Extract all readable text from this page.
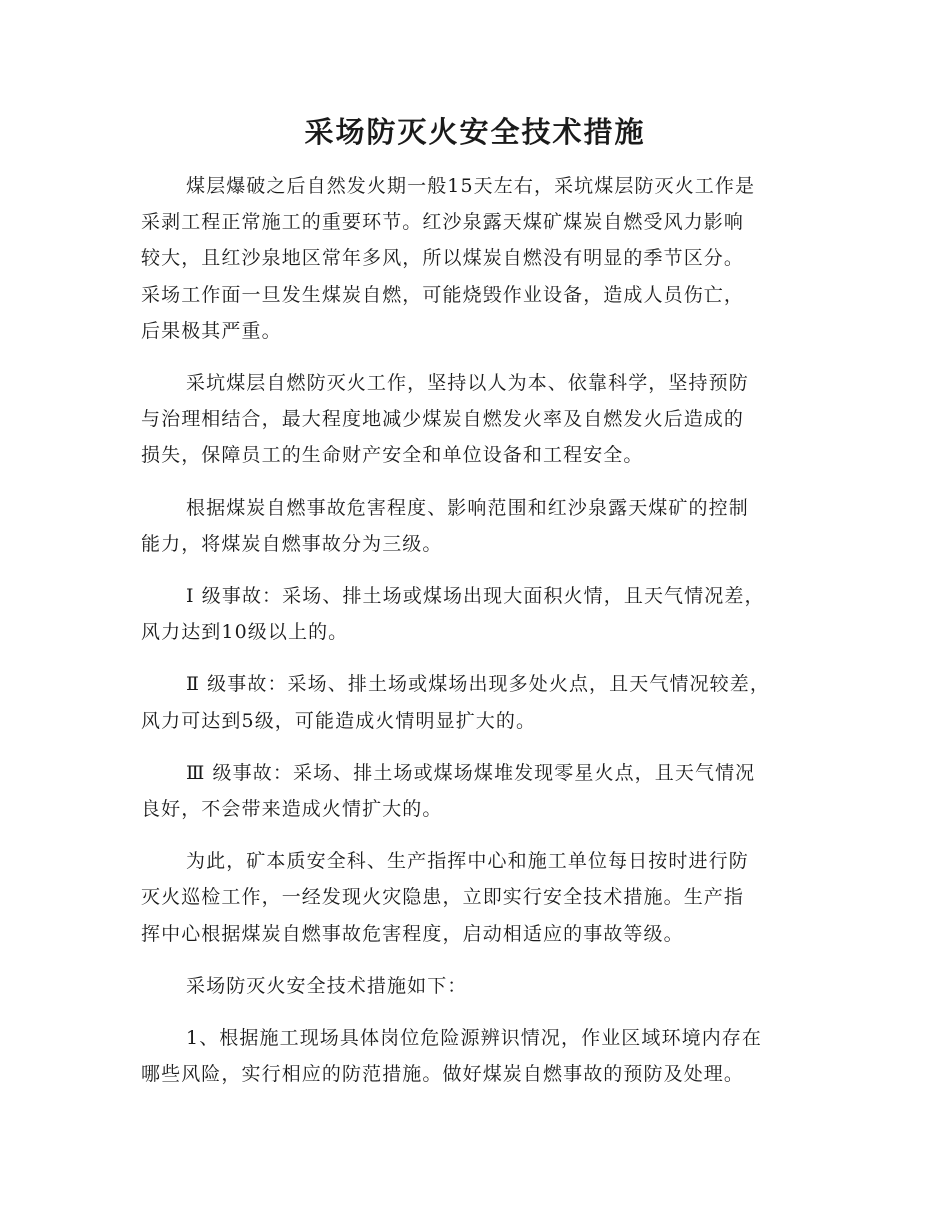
采场防灭火安全技术措施

煤层爆破之后自然发火期一般15天左右，采坑煤层防灭火工作是
采剥工程正常施工的重要环节。红沙泉露天煤矿煤炭自燃受风力影响
较大，且红沙泉地区常年多风，所以煤炭自燃没有明显的季节区分。
采场工作面一旦发生煤炭自燃，可能烧毁作业设备，造成人员伤亡，
后果极其严重。

采坑煤层自燃防灭火工作，坚持以人为本、依靠科学，坚持预防
与治理相结合，最大程度地减少煤炭自燃发火率及自燃发火后造成的
损失，保障员工的生命财产安全和单位设备和工程安全。

根据煤炭自燃事故危害程度、影响范围和红沙泉露天煤矿的控制
能力，将煤炭自燃事故分为三级。

Ⅰ 级事故：采场、排土场或煤场出现大面积火情，且天气情况差，
风力达到10级以上的。

Ⅱ 级事故：采场、排土场或煤场出现多处火点，且天气情况较差，
风力可达到5级，可能造成火情明显扩大的。

Ⅲ 级事故：采场、排土场或煤场煤堆发现零星火点，且天气情况
良好，不会带来造成火情扩大的。

为此，矿本质安全科、生产指挥中心和施工单位每日按时进行防
灭火巡检工作，一经发现火灾隐患，立即实行安全技术措施。生产指
挥中心根据煤炭自燃事故危害程度，启动相适应的事故等级。

采场防灭火安全技术措施如下：

1、根据施工现场具体岗位危险源辨识情况，作业区域环境内存在
哪些风险，实行相应的防范措施。做好煤炭自燃事故的预防及处理。
